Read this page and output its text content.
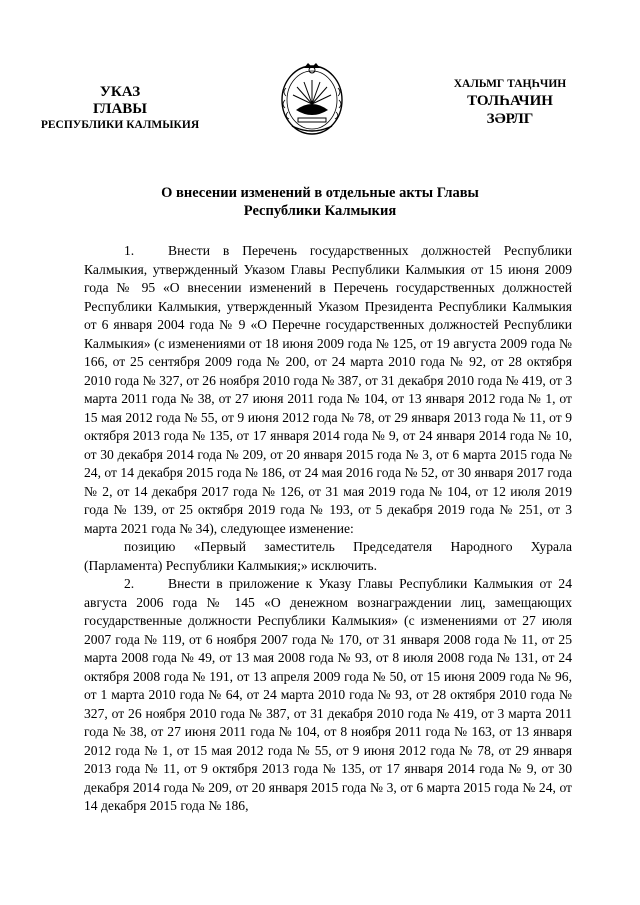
УКАЗ
ГЛАВЫ
РЕСПУБЛИКИ КАЛМЫКИЯ
ХАЛЬМГ ТАҢҺЧИН
ТОЛҺАЧИН
ЗӘРЛГ
О внесении изменений в отдельные акты Главы
Республики Калмыкия

1. Внести в Перечень государственных должностей Республики Калмыкия, утвержденный Указом Главы Республики Калмыкия от 15 июня 2009 года № 95 «О внесении изменений в Перечень государственных должностей Республики Калмыкия, утвержденный Указом Президента Республики Калмыкия от 6 января 2004 года № 9 «О Перечне государственных должностей Республики Калмыкия» (с изменениями от 18 июня 2009 года № 125, от 19 августа 2009 года № 166, от 25 сентября 2009 года № 200, от 24 марта 2010 года № 92, от 28 октября 2010 года № 327, от 26 ноября 2010 года № 387, от 31 декабря 2010 года № 419, от 3 марта 2011 года № 38, от 27 июня 2011 года № 104, от 13 января 2012 года № 1, от 15 мая 2012 года № 55, от 9 июня 2012 года № 78, от 29 января 2013 года № 11, от 9 октября 2013 года № 135, от 17 января 2014 года № 9, от 24 января 2014 года № 10, от 30 декабря 2014 года № 209, от 20 января 2015 года № 3, от 6 марта 2015 года № 24, от 14 декабря 2015 года № 186, от 24 мая 2016 года № 52, от 30 января 2017 года № 2, от 14 декабря 2017 года № 126, от 31 мая 2019 года № 104, от 12 июля 2019 года № 139, от 25 октября 2019 года № 193, от 5 декабря 2019 года № 251, от 3 марта 2021 года № 34), следующее изменение:

позицию «Первый заместитель Председателя Народного Хурала (Парламента) Республики Калмыкия;» исключить.

2. Внести в приложение к Указу Главы Республики Калмыкия от 24 августа 2006 года № 145 «О денежном вознаграждении лиц, замещающих государственные должности Республики Калмыкия» (с изменениями от 27 июля 2007 года № 119, от 6 ноября 2007 года № 170, от 31 января 2008 года № 11, от 25 марта 2008 года № 49, от 13 мая 2008 года № 93, от 8 июля 2008 года № 131, от 24 октября 2008 года № 191, от 13 апреля 2009 года № 50, от 15 июня 2009 года № 96, от 1 марта 2010 года № 64, от 24 марта 2010 года № 93, от 28 октября 2010 года № 327, от 26 ноября 2010 года № 387, от 31 декабря 2010 года № 419, от 3 марта 2011 года № 38, от 27 июня 2011 года № 104, от 8 ноября 2011 года № 163, от 13 января 2012 года № 1, от 15 мая 2012 года № 55, от 9 июня 2012 года № 78, от 29 января 2013 года № 11, от 9 октября 2013 года № 135, от 17 января 2014 года № 9, от 30 декабря 2014 года № 209, от 20 января 2015 года № 3, от 6 марта 2015 года № 24, от 14 декабря 2015 года № 186,
